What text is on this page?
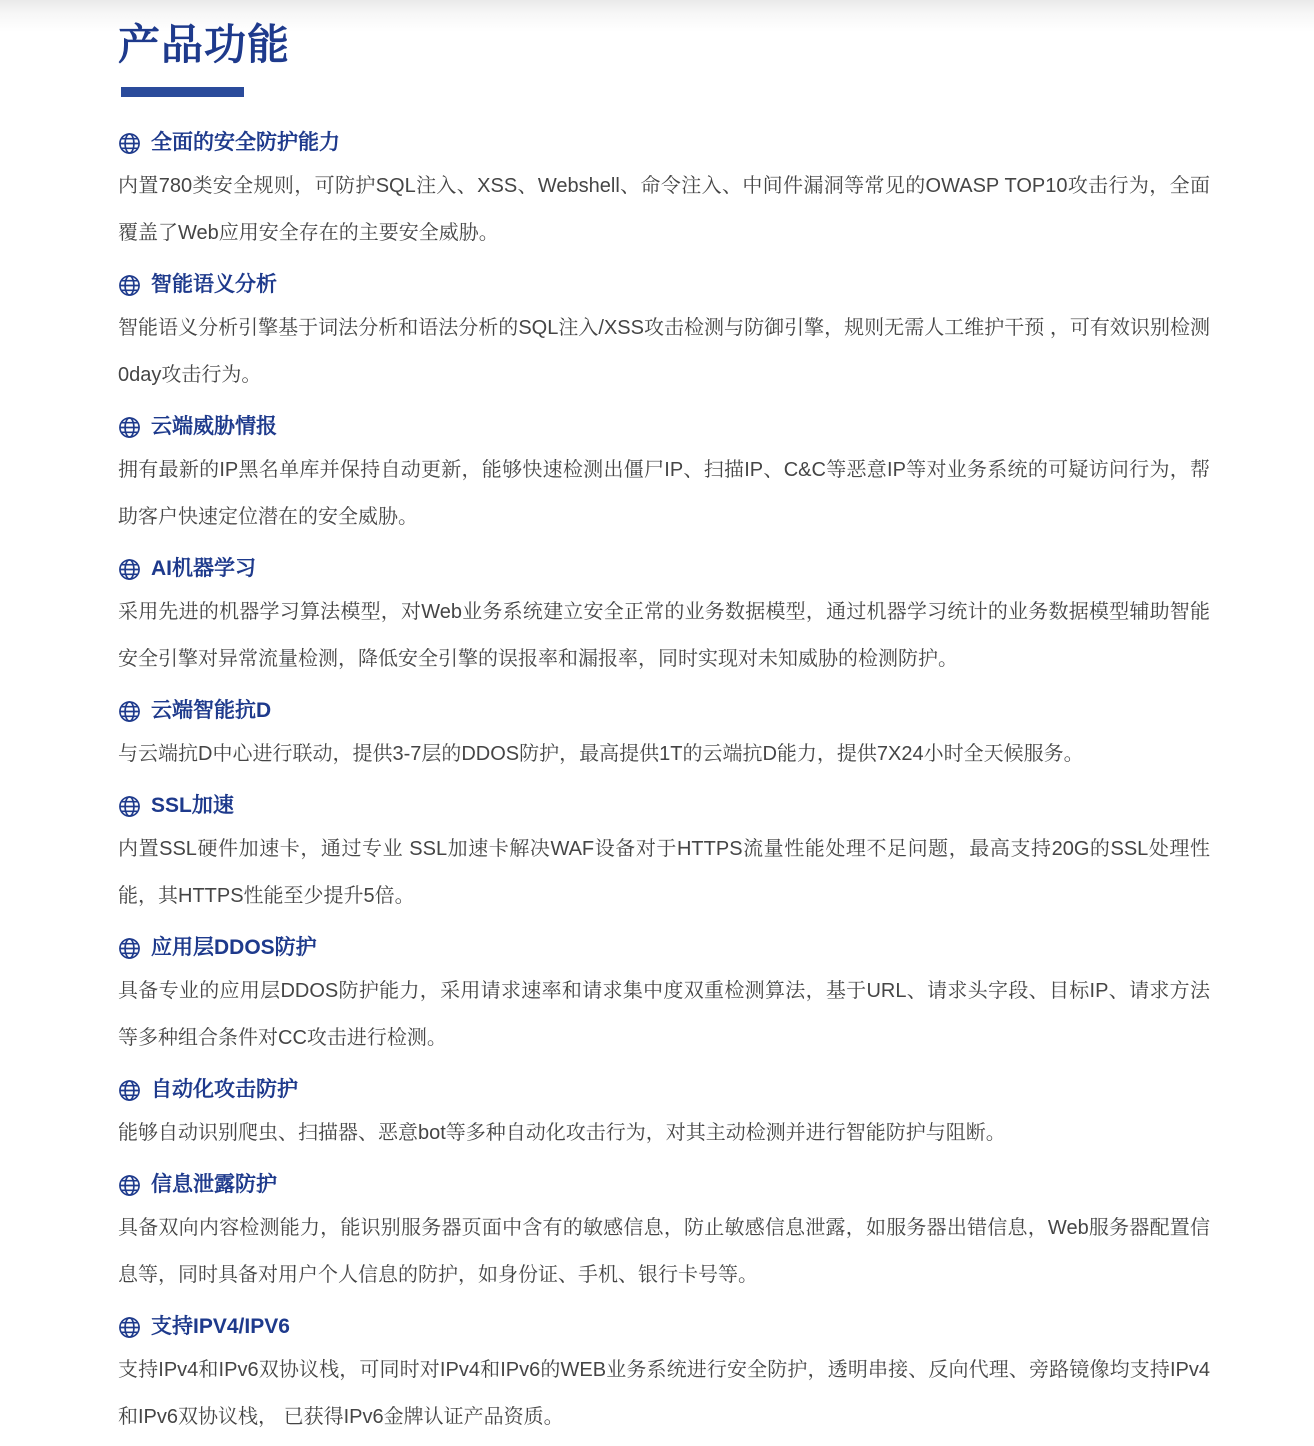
产品功能
全面的安全防护能力

内置780类安全规则，可防护SQL注入、XSS、Webshell、命令注入、中间件漏洞等常见的OWASP TOP10攻击行为，全面覆盖了Web应用安全存在的主要安全威胁。

智能语义分析

智能语义分析引擎基于词法分析和语法分析的SQL注入/XSS攻击检测与防御引擎，规则无需人工维护干预 ，可有效识别检测0day攻击行为。

云端威胁情报

拥有最新的IP黑名单库并保持自动更新，能够快速检测出僵尸IP、扫描IP、C&C等恶意IP等对业务系统的可疑访问行为，帮助客户快速定位潜在的安全威胁。

AI机器学习

采用先进的机器学习算法模型，对Web业务系统建立安全正常的业务数据模型，通过机器学习统计的业务数据模型辅助智能安全引擎对异常流量检测，降低安全引擎的误报率和漏报率，同时实现对未知威胁的检测防护。

云端智能抗D

与云端抗D中心进行联动，提供3-7层的DDOS防护，最高提供1T的云端抗D能力，提供7X24小时全天候服务。

SSL加速

内置SSL硬件加速卡，通过专业 SSL加速卡解决WAF设备对于HTTPS流量性能处理不足问题，最高支持20G的SSL处理性能，其HTTPS性能至少提升5倍。

应用层DDOS防护

具备专业的应用层DDOS防护能力，采用请求速率和请求集中度双重检测算法，基于URL、请求头字段、目标IP、请求方法等多种组合条件对CC攻击进行检测。

自动化攻击防护

能够自动识别爬虫、扫描器、恶意bot等多种自动化攻击行为，对其主动检测并进行智能防护与阻断。

信息泄露防护

具备双向内容检测能力，能识别服务器页面中含有的敏感信息，防止敏感信息泄露，如服务器出错信息，Web服务器配置信息等，同时具备对用户个人信息的防护，如身份证、手机、银行卡号等。

支持IPV4/IPV6

支持IPv4和IPv6双协议栈，可同时对IPv4和IPv6的WEB业务系统进行安全防护，透明串接、反向代理、旁路镜像均支持IPv4和IPv6双协议栈， 已获得IPv6金牌认证产品资质。
